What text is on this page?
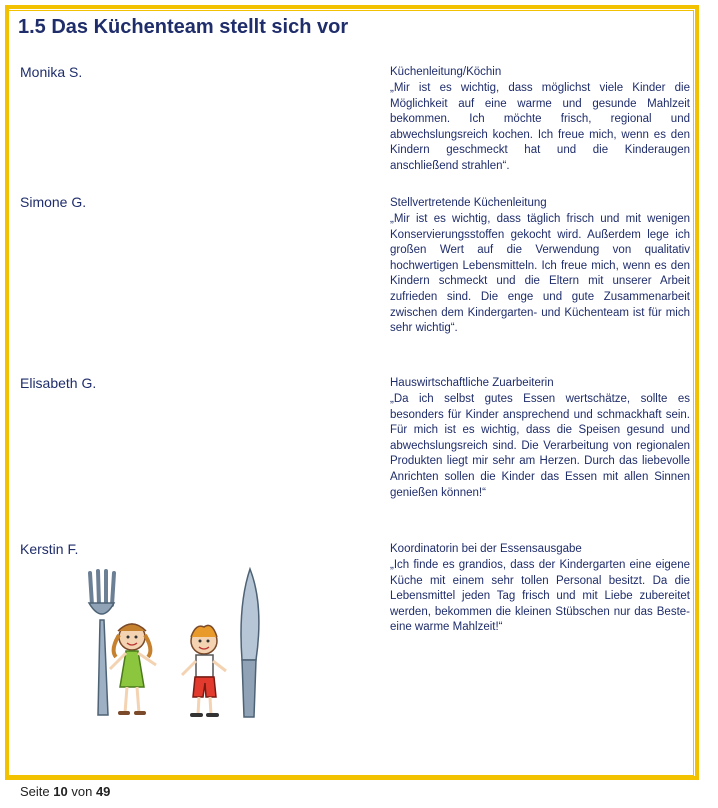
1.5 Das Küchenteam stellt sich vor
Monika S.	Küchenleitung/Köchin
„Mir ist es wichtig, dass möglichst viele Kinder die Möglichkeit auf eine warme und gesunde Mahlzeit bekommen. Ich möchte frisch, regional und abwechslungsreich kochen. Ich freue mich, wenn es den Kindern geschmeckt hat und die Kinderaugen anschließend strahlen“.
Simone G.	Stellvertretende Küchenleitung
„Mir ist es wichtig, dass täglich frisch und mit wenigen Konservierungsstoffen gekocht wird. Außerdem lege ich großen Wert auf die Verwendung von qualitativ hochwertigen Lebensmitteln. Ich freue mich, wenn es den Kindern schmeckt und die Eltern mit unserer Arbeit zufrieden sind. Die enge und gute Zusammenarbeit zwischen dem Kindergarten- und Küchenteam ist für mich sehr wichtig“.
Elisabeth G.	Hauswirtschaftliche Zuarbeiterin
„Da ich selbst gutes Essen wertschätze, sollte es besonders für Kinder ansprechend und schmackhaft sein. Für mich ist es wichtig, dass die Speisen gesund und abwechslungsreich sind. Die Verarbeitung von regionalen Produkten liegt mir sehr am Herzen. Durch das liebevolle Anrichten sollen die Kinder das Essen mit allen Sinnen genießen können!“
Kerstin F.	Koordinatorin bei der Essensausgabe
„Ich finde es grandios, dass der Kindergarten eine eigene Küche mit einem sehr tollen Personal besitzt. Da die Lebensmittel jeden Tag frisch und mit Liebe zubereitet werden, bekommen die kleinen Stübschen nur das Beste-eine warme Mahlzeit!“
Seite 10 von 49
